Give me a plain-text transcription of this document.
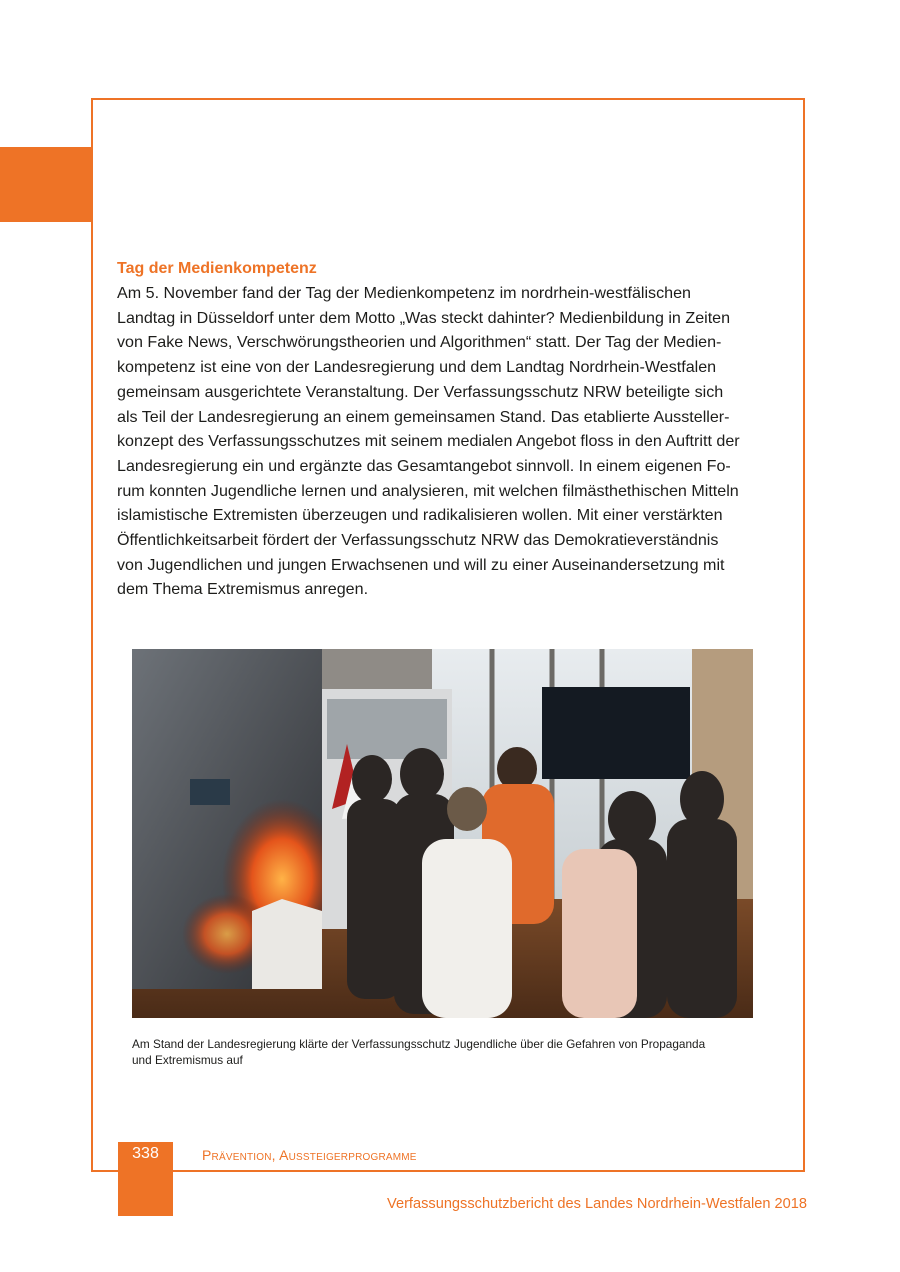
Tag der Medienkompetenz

Am 5. November fand der Tag der Medienkompetenz im nordrhein-westfälischen
Landtag in Düsseldorf unter dem Motto „Was steckt dahinter? Medienbildung in Zeiten
von Fake News, Verschwörungstheorien und Algorithmen“ statt. Der Tag der Medien-
kompetenz ist eine von der Landesregierung und dem Landtag Nordrhein-Westfalen
gemeinsam ausgerichtete Veranstaltung. Der Verfassungsschutz NRW beteiligte sich
als Teil der Landesregierung an einem gemeinsamen Stand. Das etablierte Aussteller-
konzept des Verfassungsschutzes mit seinem medialen Angebot floss in den Auftritt der
Landesregierung ein und ergänzte das Gesamtangebot sinnvoll. In einem eigenen Fo-
rum konnten Jugendliche lernen und analysieren, mit welchen filmästhethischen Mitteln
islamistische Extremisten überzeugen und radikalisieren wollen. Mit einer verstärkten
Öffentlichkeitsarbeit fördert der Verfassungsschutz NRW das Demokratieverständnis
von Jugendlichen und jungen Erwachsenen und will zu einer Auseinandersetzung mit
dem Thema Extremismus anregen.

Am Stand der Landesregierung klärte der Verfassungsschutz Jugendliche über die Gefahren von Propaganda
und Extremismus auf

338	Prävention, Aussteigerprogramme

Verfassungsschutzbericht des Landes Nordrhein-Westfalen 2018
